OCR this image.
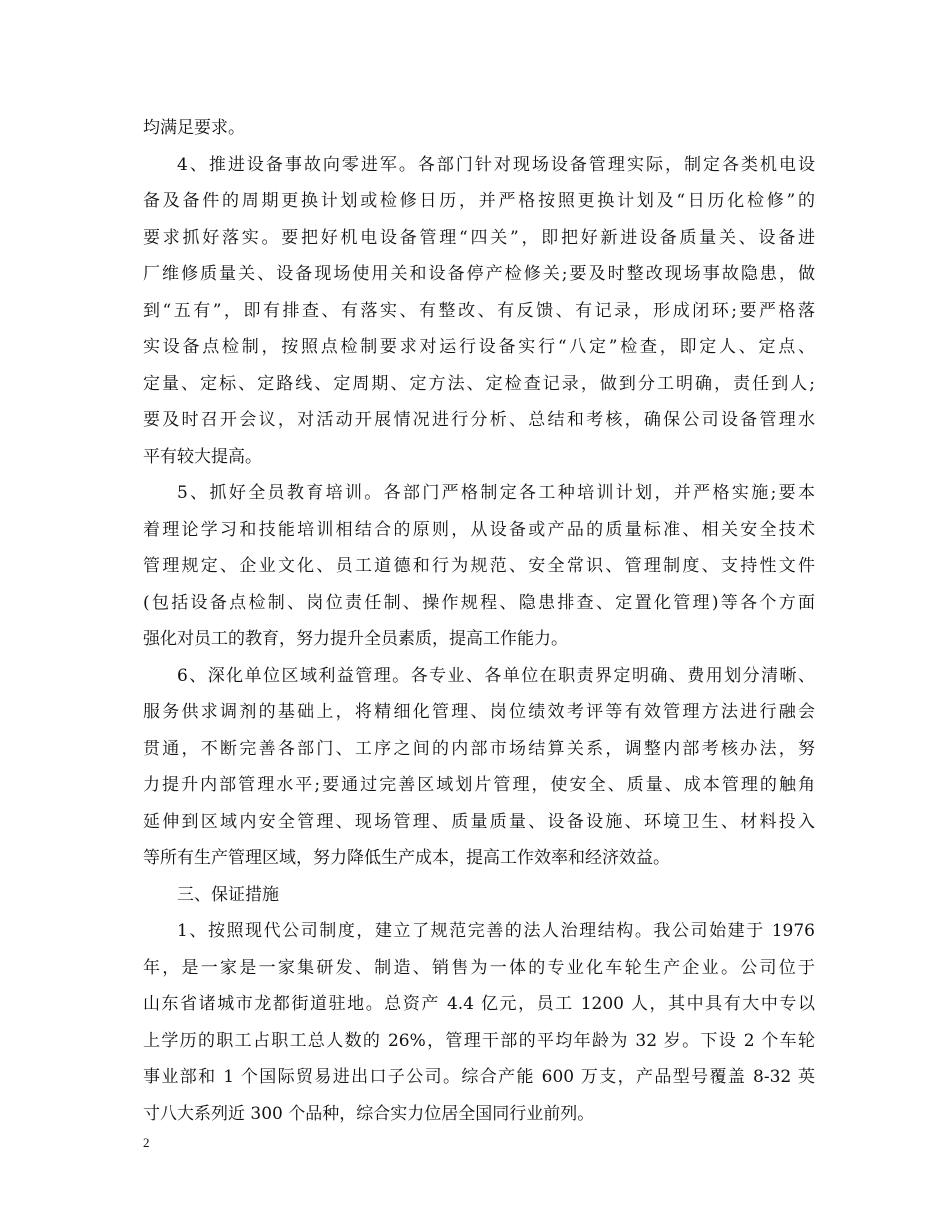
均满足要求。
4、推进设备事故向零进军。各部门针对现场设备管理实际，制定各类机电设
备及备件的周期更换计划或检修日历，并严格按照更换计划及“日历化检修”的
要求抓好落实。要把好机电设备管理“四关”，即把好新进设备质量关、设备进
厂维修质量关、设备现场使用关和设备停产检修关;要及时整改现场事故隐患，做
到“五有”，即有排查、有落实、有整改、有反馈、有记录，形成闭环;要严格落
实设备点检制，按照点检制要求对运行设备实行“八定”检查，即定人、定点、
定量、定标、定路线、定周期、定方法、定检查记录，做到分工明确，责任到人;
要及时召开会议，对活动开展情况进行分析、总结和考核，确保公司设备管理水
平有较大提高。
5、抓好全员教育培训。各部门严格制定各工种培训计划，并严格实施;要本
着理论学习和技能培训相结合的原则，从设备或产品的质量标准、相关安全技术
管理规定、企业文化、员工道德和行为规范、安全常识、管理制度、支持性文件
(包括设备点检制、岗位责任制、操作规程、隐患排查、定置化管理)等各个方面
强化对员工的教育，努力提升全员素质，提高工作能力。
6、深化单位区域利益管理。各专业、各单位在职责界定明确、费用划分清晰、
服务供求调剂的基础上，将精细化管理、岗位绩效考评等有效管理方法进行融会
贯通，不断完善各部门、工序之间的内部市场结算关系，调整内部考核办法，努
力提升内部管理水平;要通过完善区域划片管理，使安全、质量、成本管理的触角
延伸到区域内安全管理、现场管理、质量质量、设备设施、环境卫生、材料投入
等所有生产管理区域，努力降低生产成本，提高工作效率和经济效益。
三、保证措施
1、按照现代公司制度，建立了规范完善的法人治理结构。我公司始建于 1976
年，是一家是一家集研发、制造、销售为一体的专业化车轮生产企业。公司位于
山东省诸城市龙都街道驻地。总资产 4.4 亿元，员工 1200 人，其中具有大中专以
上学历的职工占职工总人数的 26%，管理干部的平均年龄为 32 岁。下设 2 个车轮
事业部和 1 个国际贸易进出口子公司。综合产能 600 万支，产品型号覆盖 8-32 英
寸八大系列近 300 个品种，综合实力位居全国同行业前列。
2
